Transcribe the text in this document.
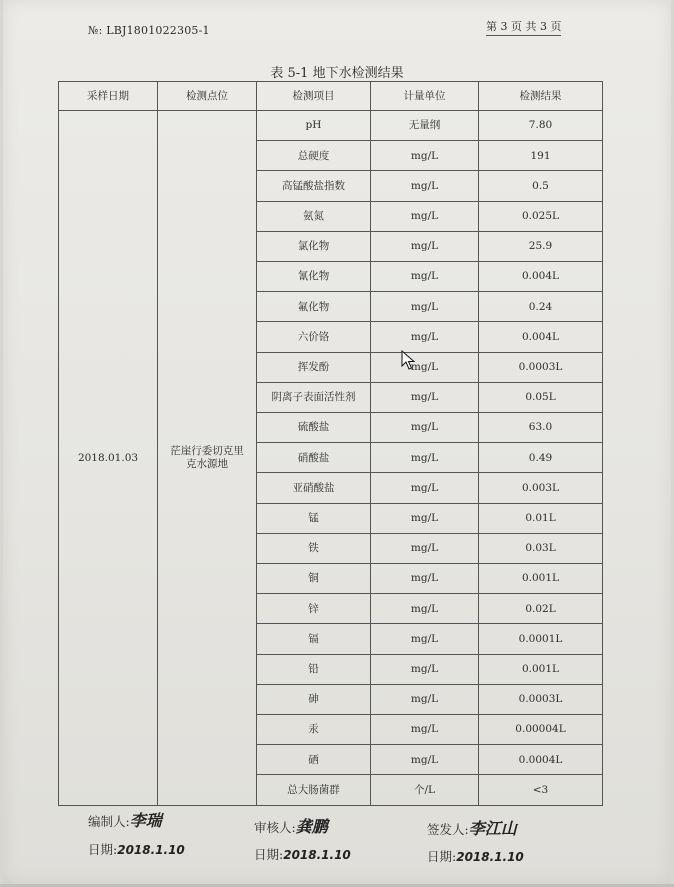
№: LBJ1801022305-1	第 3 页 共 3 页
表 5-1 地下水检测结果
采样日期	检测点位	检测项目	计量单位	检测结果
2018.01.03	茫崖行委切克里克水源地	pH	无量纲	7.80
		总硬度	mg/L	191
		高锰酸盐指数	mg/L	0.5
		氨氮	mg/L	0.025L
		氯化物	mg/L	25.9
		氰化物	mg/L	0.004L
		氟化物	mg/L	0.24
		六价铬	mg/L	0.004L
		挥发酚	mg/L	0.0003L
		阴离子表面活性剂	mg/L	0.05L
		硫酸盐	mg/L	63.0
		硝酸盐	mg/L	0.49
		亚硝酸盐	mg/L	0.003L
		锰	mg/L	0.01L
		铁	mg/L	0.03L
		铜	mg/L	0.001L
		锌	mg/L	0.02L
		镉	mg/L	0.0001L
		铅	mg/L	0.001L
		砷	mg/L	0.0003L
		汞	mg/L	0.00004L
		硒	mg/L	0.0004L
		总大肠菌群	个/L	<3
编制人:李瑞
日期:2018.1.10
审核人:龚鹏
日期:2018.1.10
签发人:李江山
日期:2018.1.10
